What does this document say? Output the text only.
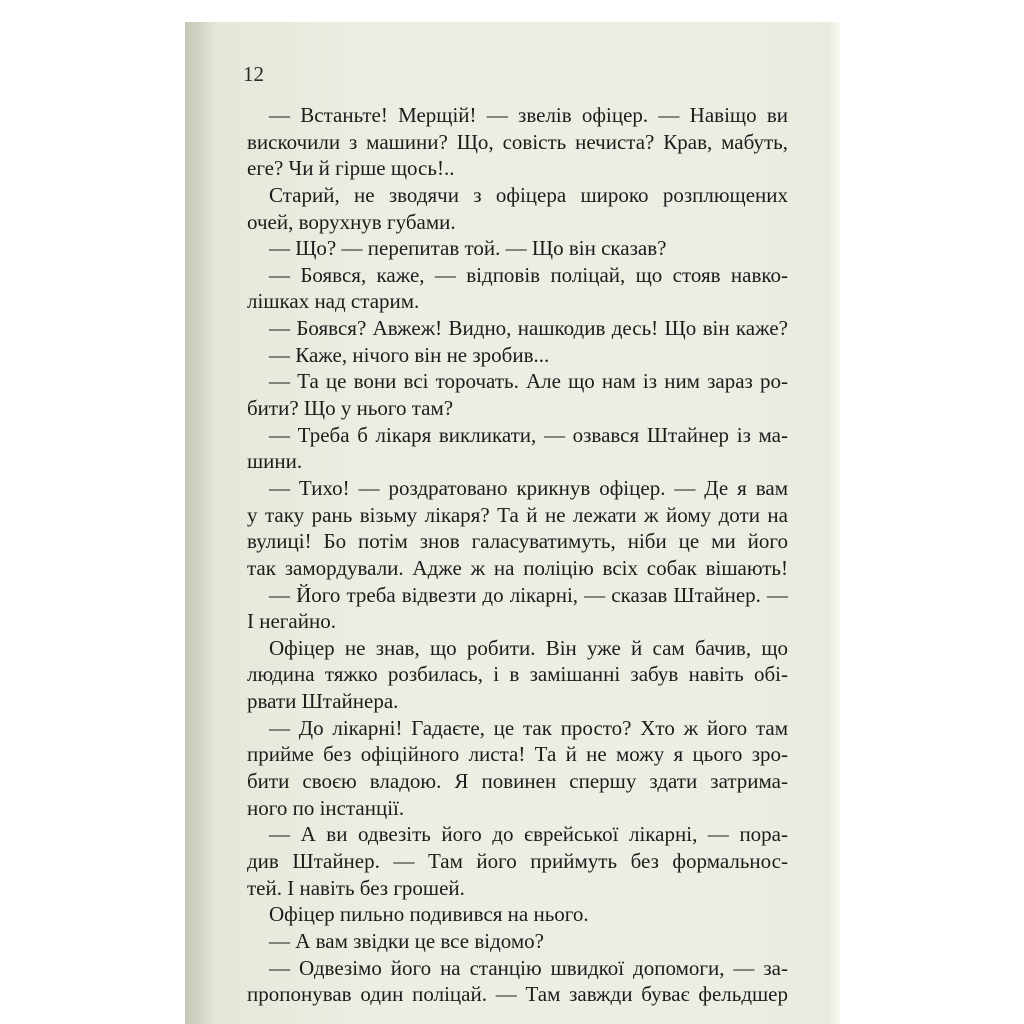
12
— Встаньте! Мерщій! — звелів офіцер. — Навіщо ви
вискочили з машини? Що, совість нечиста? Крав, мабуть,
еге? Чи й гірше щось!..
Старий, не зводячи з офіцера широко розплющених
очей, ворухнув губами.
— Що? — перепитав той. — Що він сказав?
— Боявся, каже, — відповів поліцай, що стояв навко-
лішках над старим.
— Боявся? Авжеж! Видно, нашкодив десь! Що він каже?
— Каже, нічого він не зробив...
— Та це вони всі торочать. Але що нам із ним зараз ро-
бити? Що у нього там?
— Треба б лікаря викликати, — озвався Штайнер із ма-
шини.
— Тихо! — роздратовано крикнув офіцер. — Де я вам
у таку рань візьму лікаря? Та й не лежати ж йому доти на
вулиці! Бо потім знов галасуватимуть, ніби це ми його
так замордували. Адже ж на поліцію всіх собак вішають!
— Його треба відвезти до лікарні, — сказав Штайнер. —
І негайно.
Офіцер не знав, що робити. Він уже й сам бачив, що
людина тяжко розбилась, і в замішанні забув навіть обі-
рвати Штайнера.
— До лікарні! Гадаєте, це так просто? Хто ж його там
прийме без офіційного листа! Та й не можу я цього зро-
бити своєю владою. Я повинен спершу здати затрима-
ного по інстанції.
— А ви одвезіть його до єврейської лікарні, — пора-
див Штайнер. — Там його приймуть без формальнос-
тей. І навіть без грошей.
Офіцер пильно подивився на нього.
— А вам звідки це все відомо?
— Одвезімо його на станцію швидкої допомоги, — за-
пропонував один поліцай. — Там завжди буває фельдшер
